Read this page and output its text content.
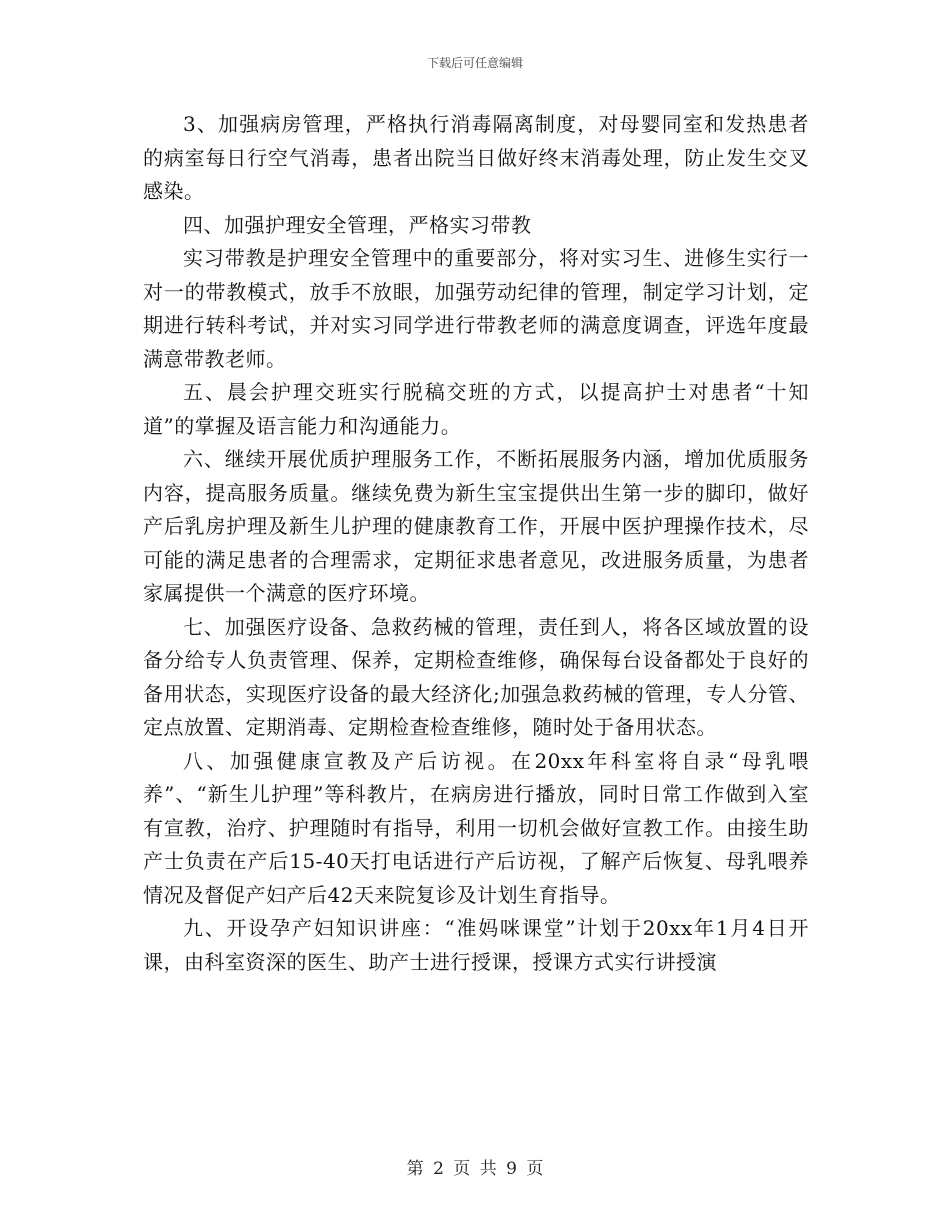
下载后可任意编辑

3、加强病房管理，严格执行消毒隔离制度，对母婴同室和发热患者的病室每日行空气消毒，患者出院当日做好终末消毒处理，防止发生交叉感染。

四、加强护理安全管理，严格实习带教

实习带教是护理安全管理中的重要部分，将对实习生、进修生实行一对一的带教模式，放手不放眼，加强劳动纪律的管理，制定学习计划，定期进行转科考试，并对实习同学进行带教老师的满意度调查，评选年度最满意带教老师。

五、晨会护理交班实行脱稿交班的方式，以提高护士对患者“十知道”的掌握及语言能力和沟通能力。

六、继续开展优质护理服务工作，不断拓展服务内涵，增加优质服务内容，提高服务质量。继续免费为新生宝宝提供出生第一步的脚印，做好产后乳房护理及新生儿护理的健康教育工作，开展中医护理操作技术，尽可能的满足患者的合理需求，定期征求患者意见，改进服务质量，为患者家属提供一个满意的医疗环境。

七、加强医疗设备、急救药械的管理，责任到人，将各区域放置的设备分给专人负责管理、保养，定期检查维修，确保每台设备都处于良好的备用状态，实现医疗设备的最大经济化;加强急救药械的管理，专人分管、定点放置、定期消毒、定期检查检查维修，随时处于备用状态。

八、加强健康宣教及产后访视。在20xx年科室将自录“母乳喂养”、“新生儿护理”等科教片，在病房进行播放，同时日常工作做到入室有宣教，治疗、护理随时有指导，利用一切机会做好宣教工作。由接生助产士负责在产后15-40天打电话进行产后访视，了解产后恢复、母乳喂养情况及督促产妇产后42天来院复诊及计划生育指导。

九、开设孕产妇知识讲座：“准妈咪课堂”计划于20xx年1月4日开课，由科室资深的医生、助产士进行授课，授课方式实行讲授演

第 2 页 共 9 页
